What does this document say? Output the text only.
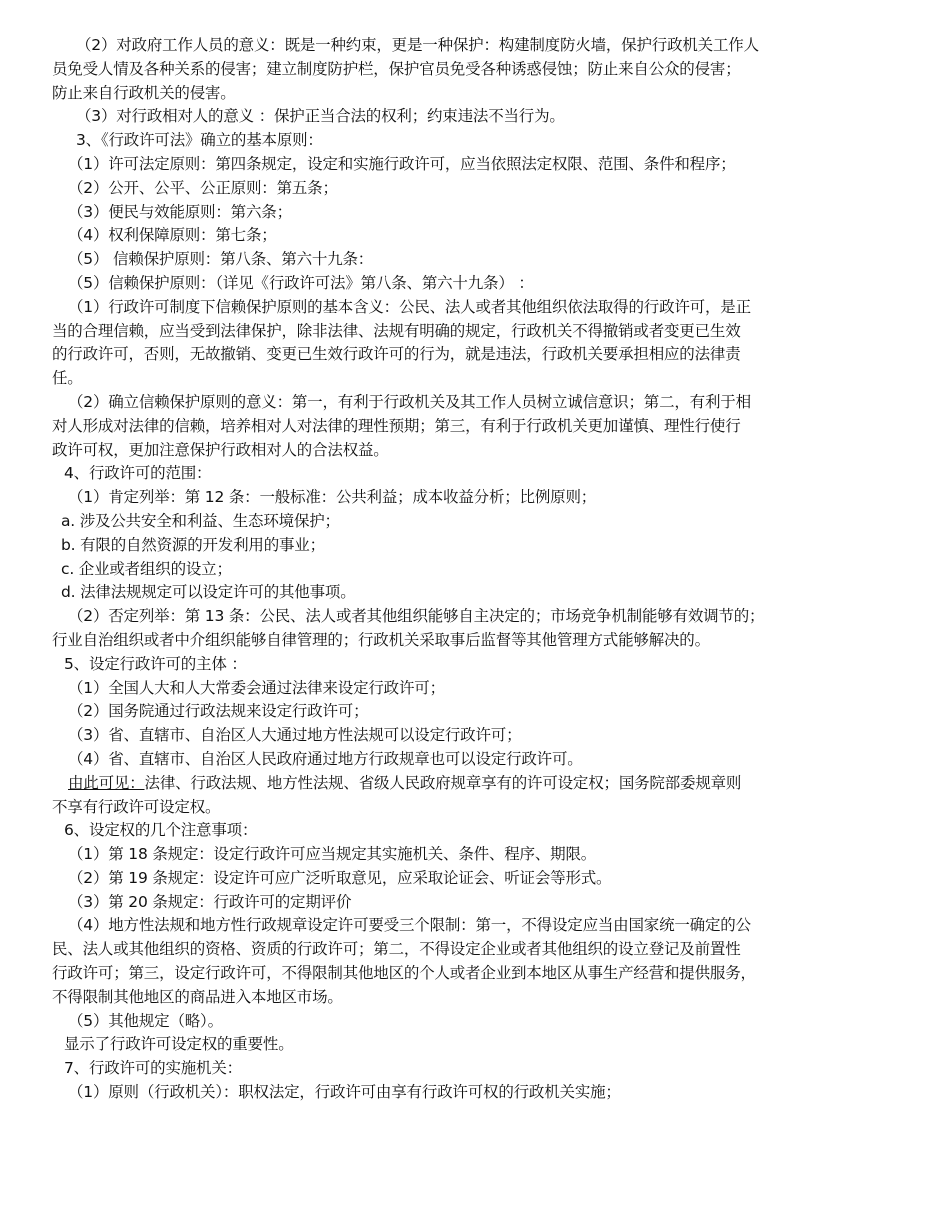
（2）对政府工作人员的意义：既是一种约束，更是一种保护：构建制度防火墙，保护行政机关工作人
员免受人情及各种关系的侵害；建立制度防护栏，保护官员免受各种诱惑侵蚀；防止来自公众的侵害；
防止来自行政机关的侵害。
（3）对行政相对人的意义 ：保护正当合法的权利；约束违法不当行为。
3、《行政许可法》确立的基本原则：
（1）许可法定原则：第四条规定，设定和实施行政许可，应当依照法定权限、范围、条件和程序；
（2）公开、公平、公正原则：第五条；
（3）便民与效能原则：第六条；
（4）权利保障原则：第七条；
（5） 信赖保护原则：第八条、第六十九条：
（5）信赖保护原则：（详见《行政许可法》第八条、第六十九条） ：
（1）行政许可制度下信赖保护原则的基本含义：公民、法人或者其他组织依法取得的行政许可，是正
当的合理信赖，应当受到法律保护，除非法律、法规有明确的规定，行政机关不得撤销或者变更已生效
的行政许可，否则，无故撤销、变更已生效行政许可的行为，就是违法，行政机关要承担相应的法律责
任。
（2）确立信赖保护原则的意义：第一，有利于行政机关及其工作人员树立诚信意识；第二，有利于相
对人形成对法律的信赖，培养相对人对法律的理性预期；第三，有利于行政机关更加谨慎、理性行使行
政许可权，更加注意保护行政相对人的合法权益。
4、行政许可的范围：
（1）肯定列举：第 12 条：一般标准：公共利益；成本收益分析；比例原则；
a. 涉及公共安全和利益、生态环境保护；
b. 有限的自然资源的开发利用的事业；
c. 企业或者组织的设立；
d. 法律法规规定可以设定许可的其他事项。
（2）否定列举：第 13 条：公民、法人或者其他组织能够自主决定的；市场竞争机制能够有效调节的；
行业自治组织或者中介组织能够自律管理的；行政机关采取事后监督等其他管理方式能够解决的。
5、设定行政许可的主体 ：
（1）全国人大和人大常委会通过法律来设定行政许可；
（2）国务院通过行政法规来设定行政许可；
（3）省、直辖市、自治区人大通过地方性法规可以设定行政许可；
（4）省、直辖市、自治区人民政府通过地方行政规章也可以设定行政许可。
由此可见：法律、行政法规、地方性法规、省级人民政府规章享有的许可设定权；国务院部委规章则
不享有行政许可设定权。
6、设定权的几个注意事项：
（1）第 18 条规定：设定行政许可应当规定其实施机关、条件、程序、期限。
（2）第 19 条规定：设定许可应广泛听取意见，应采取论证会、听证会等形式。
（3）第 20 条规定：行政许可的定期评价
（4）地方性法规和地方性行政规章设定许可要受三个限制：第一，不得设定应当由国家统一确定的公
民、法人或其他组织的资格、资质的行政许可；第二，不得设定企业或者其他组织的设立登记及前置性
行政许可；第三，设定行政许可，不得限制其他地区的个人或者企业到本地区从事生产经营和提供服务，
不得限制其他地区的商品进入本地区市场。
（5）其他规定（略）。
显示了行政许可设定权的重要性。
7、行政许可的实施机关：
（1）原则（行政机关）：职权法定，行政许可由享有行政许可权的行政机关实施；
